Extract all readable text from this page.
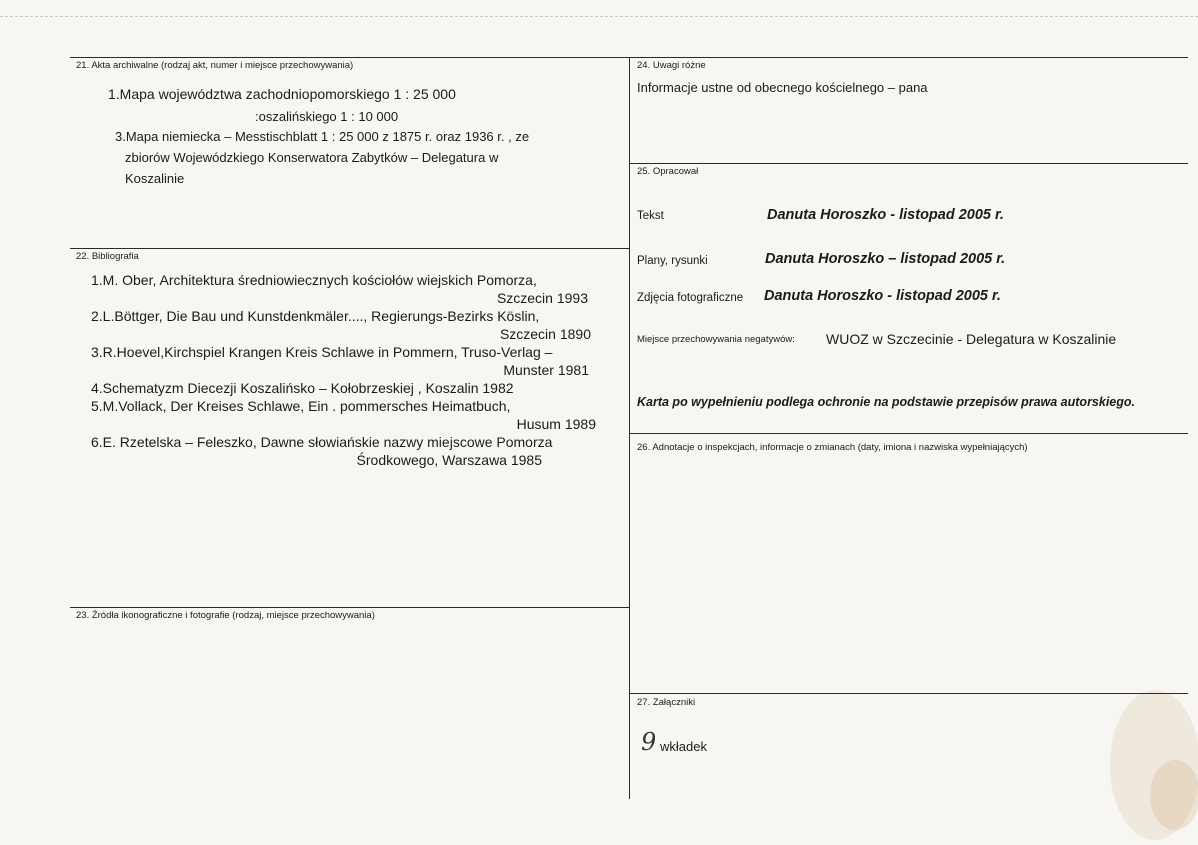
21. Akta archiwalne (rodzaj akt, numer i miejsce przechowywania)
1.Mapa województwa zachodniopomorskiego 1 : 25 000
:oszalińskiego 1 : 10 000
3.Mapa niemiecka – Messtischblatt 1 : 25 000 z 1875 r. oraz 1936 r. , ze
zbiorów Wojewódzkiego Konserwatora Zabytków – Delegatura w
Koszalinie
22. Bibliografia
1.M. Ober, Architektura średniowiecznych kościołów wiejskich Pomorza,
Szczecin 1993
2.L.Böttger, Die Bau und Kunstdenkmäler...., Regierungs-Bezirks Köslin,
Szczecin 1890
3.R.Hoevel,Kirchspiel Krangen Kreis Schlawe in Pommern, Truso-Verlag –
Munster 1981
4.Schematyzm Diecezji Koszalińsko – Kołobrzeskiej , Koszalin 1982
5.M.Vollack, Der Kreises Schlawe, Ein . pommersches Heimatbuch,
Husum 1989
6.E. Rzetelska – Feleszko, Dawne słowiańskie nazwy miejscowe Pomorza
Środkowego, Warszawa 1985
23. Źródła ikonograficzne i fotografie (rodzaj, miejsce przechowywania)
24. Uwagi różne
Informacje ustne od obecnego kościelnego – pana
25. Opracował
Tekst	Danuta Horoszko - listopad 2005 r.
Plany, rysunki	Danuta Horoszko – listopad 2005 r.
Zdjęcia fotograficzne Danuta Horoszko - listopad 2005 r.
Miejsce przechowywania negatywów: WUOZ w Szczecinie - Delegatura w Koszalinie
Karta po wypełnieniu podlega ochronie na podstawie przepisów prawa autorskiego.
26. Adnotacje o inspekcjach, informacje o zmianach (daty, imiona i nazwiska wypełniających)
27. Załączniki
9 wkładek
